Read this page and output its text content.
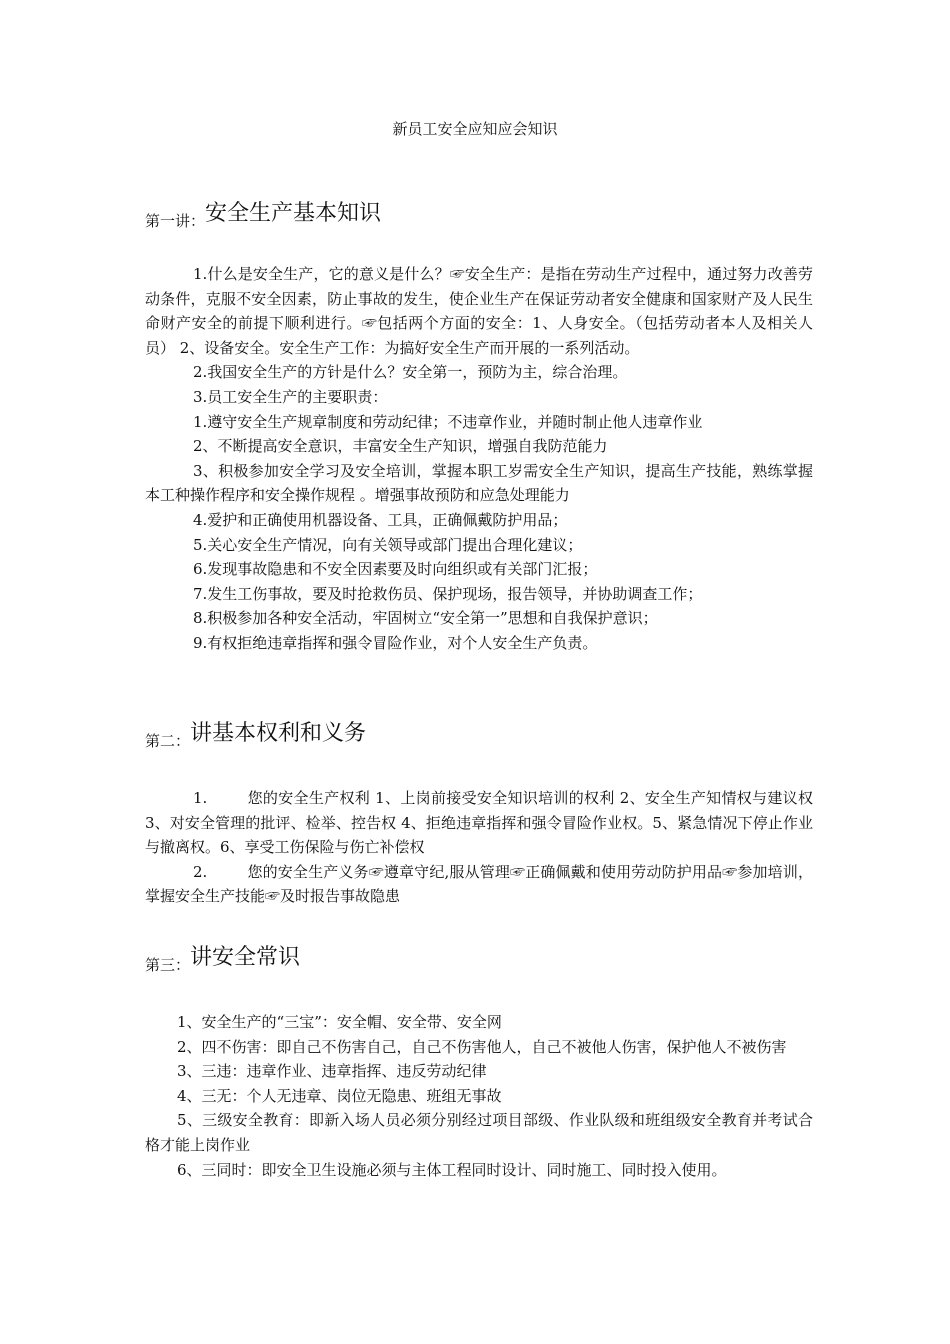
新员工安全应知应会知识
第一讲：安全生产基本知识

1.什么是安全生产，它的意义是什么？☞安全生产：是指在劳动生产过程中，通过努力改善劳动条件，克服不安全因素，防止事故的发生，使企业生产在保证劳动者安全健康和国家财产及人民生命财产安全的前提下顺利进行。☞包括两个方面的安全：1、人身安全。（包括劳动者本人及相关人员） 2、设备安全。安全生产工作：为搞好安全生产而开展的一系列活动。

2.我国安全生产的方针是什么？安全第一，预防为主，综合治理。

3.员工安全生产的主要职责：

1.遵守安全生产规章制度和劳动纪律；不违章作业，并随时制止他人违章作业

2、不断提高安全意识，丰富安全生产知识，增强自我防范能力

3、积极参加安全学习及安全培训，掌握本职工岁需安全生产知识，提高生产技能，熟练掌握本工种操作程序和安全操作规程 。增强事故预防和应急处理能力

4.爱护和正确使用机器设备、工具，正确佩戴防护用品；

5.关心安全生产情况，向有关领导或部门提出合理化建议；

6.发现事故隐患和不安全因素要及时向组织或有关部门汇报；

7.发生工伤事故，要及时抢救伤员、保护现场，报告领导，并协助调查工作；

8.积极参加各种安全活动，牢固树立“安全第一”思想和自我保护意识；

9.有权拒绝违章指挥和强令冒险作业，对个人安全生产负责。

第二：讲基本权利和义务

1.	您的安全生产权利 1、上岗前接受安全知识培训的权利 2、安全生产知情权与建议权 3、对安全管理的批评、检举、控告权 4、拒绝违章指挥和强令冒险作业权。5、紧急情况下停止作业与撤离权。6、享受工伤保险与伤亡补偿权

2.	您的安全生产义务☞遵章守纪,服从管理☞正确佩戴和使用劳动防护用品☞参加培训，掌握安全生产技能☞及时报告事故隐患

第三：讲安全常识

1、安全生产的“三宝”：安全帽、安全带、安全网

2、四不伤害：即自己不伤害自己，自己不伤害他人，自己不被他人伤害，保护他人不被伤害

3、三违：违章作业、违章指挥、违反劳动纪律

4、三无：个人无违章、岗位无隐患、班组无事故

5、三级安全教育：即新入场人员必须分别经过项目部级、作业队级和班组级安全教育并考试合格才能上岗作业

6、三同时：即安全卫生设施必须与主体工程同时设计、同时施工、同时投入使用。
